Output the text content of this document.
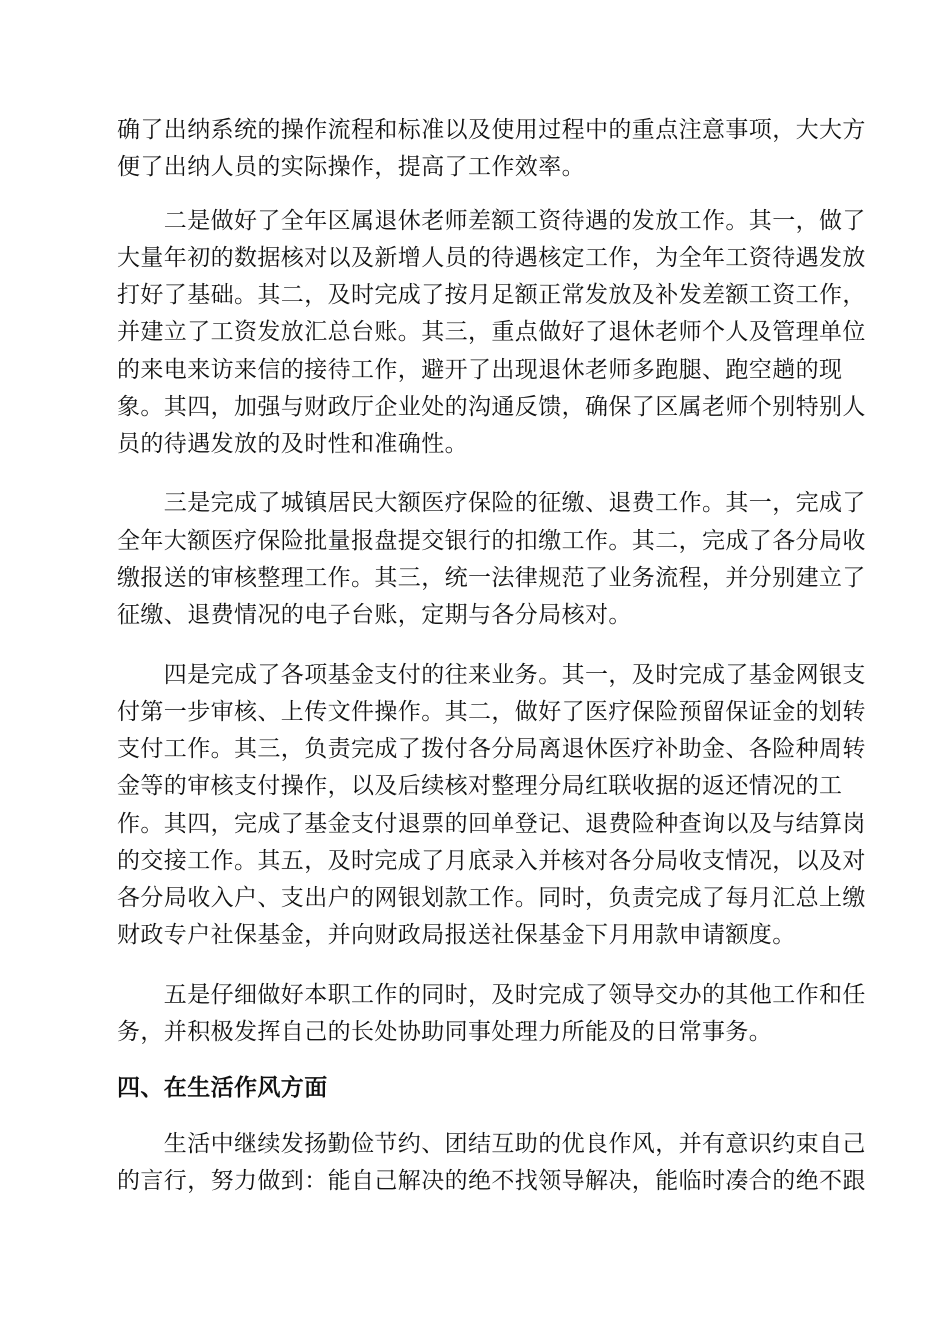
确了出纳系统的操作流程和标准以及使用过程中的重点注意事项，大大方
便了出纳人员的实际操作，提高了工作效率。
　　二是做好了全年区属退休老师差额工资待遇的发放工作。其一，做了
大量年初的数据核对以及新增人员的待遇核定工作，为全年工资待遇发放
打好了基础。其二，及时完成了按月足额正常发放及补发差额工资工作，
并建立了工资发放汇总台账。其三，重点做好了退休老师个人及管理单位
的来电来访来信的接待工作，避开了出现退休老师多跑腿、跑空趟的现
象。其四，加强与财政厅企业处的沟通反馈，确保了区属老师个别特别人
员的待遇发放的及时性和准确性。
　　三是完成了城镇居民大额医疗保险的征缴、退费工作。其一，完成了
全年大额医疗保险批量报盘提交银行的扣缴工作。其二，完成了各分局收
缴报送的审核整理工作。其三，统一法律规范了业务流程，并分别建立了
征缴、退费情况的电子台账，定期与各分局核对。
　　四是完成了各项基金支付的往来业务。其一，及时完成了基金网银支
付第一步审核、上传文件操作。其二，做好了医疗保险预留保证金的划转
支付工作。其三，负责完成了拨付各分局离退休医疗补助金、各险种周转
金等的审核支付操作，以及后续核对整理分局红联收据的返还情况的工
作。其四，完成了基金支付退票的回单登记、退费险种查询以及与结算岗
的交接工作。其五，及时完成了月底录入并核对各分局收支情况，以及对
各分局收入户、支出户的网银划款工作。同时，负责完成了每月汇总上缴
财政专户社保基金，并向财政局报送社保基金下月用款申请额度。
　　五是仔细做好本职工作的同时，及时完成了领导交办的其他工作和任
务，并积极发挥自己的长处协助同事处理力所能及的日常事务。
四、在生活作风方面
　　生活中继续发扬勤俭节约、团结互助的优良作风，并有意识约束自己
的言行，努力做到：能自己解决的绝不找领导解决，能临时凑合的绝不跟
